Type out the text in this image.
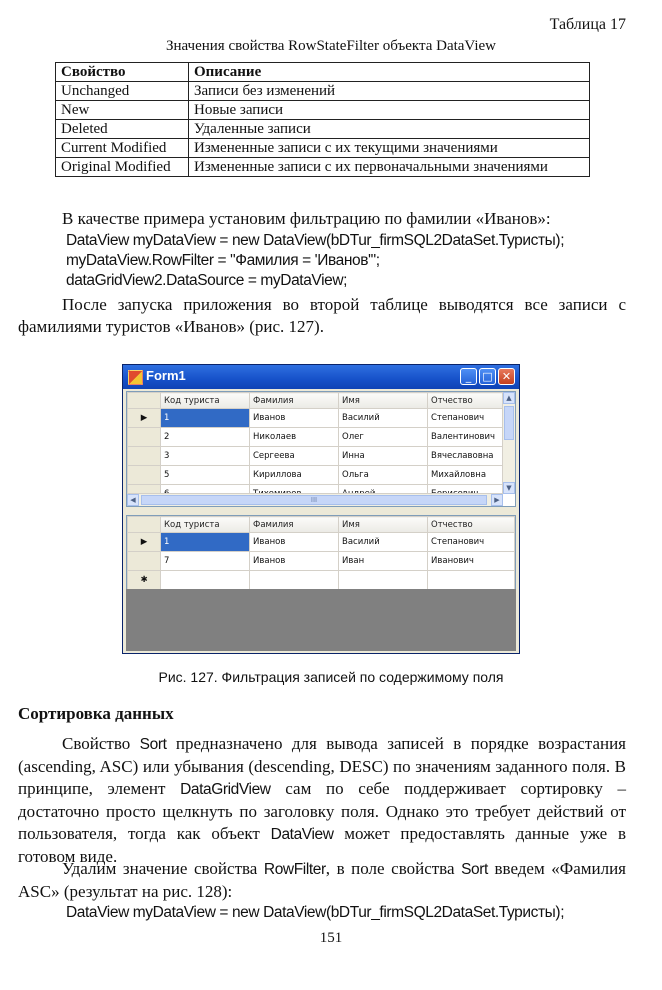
Таблица 17
Значения свойства RowStateFilter объекта DataView
Свойство	Описание
Unchanged	Записи без изменений
New	Новые записи
Deleted	Удаленные записи
Current Modified	Измененные записи с их текущими значениями
Original Modified	Измененные записи с их первоначальными значениями
В качестве примера установим фильтрацию по фамилии «Иванов»:
DataView myDataView = new DataView(bDTur_firmSQL2DataSet.Туристы);
myDataView.RowFilter = "Фамилия = 'Иванов'";
dataGridView2.DataSource = myDataView;
После запуска приложения во второй таблице выводятся все записи с фамилиями туристов «Иванов» (рис. 127).
Form1	_	□ ✕
	Код туриста	Фамилия	Имя	Отчество
▶	1	Иванов	Василий	Степанович
	2	Николаев	Олег	Валентинович
	3	Сергеева	Инна	Вячеславовна
	5	Кириллова	Ольга	Михайловна

▲
▼
◀	III	▶
	Код туриста	Фамилия	Имя	Отчество
▶	1	Иванов	Василий	Степанович
	7	Иванов	Иван	Иванович
✱				
Рис. 127. Фильтрация записей по содержимому поля
Сортировка данных
Свойство Sort предназначено для вывода записей в порядке возрастания (ascending, ASC) или убывания (descending, DESC) по значениям заданного поля. В принципе, элемент DataGridView сам по себе поддерживает сортировку – достаточно просто щелкнуть по заголовку поля. Однако это требует действий от пользователя, тогда как объект DataView может предоставлять данные уже в готовом виде.
Удалим значение свойства RowFilter, в поле свойства Sort введем «Фамилия ASC» (результат на рис. 128):
DataView myDataView = new DataView(bDTur_firmSQL2DataSet.Туристы);
151
